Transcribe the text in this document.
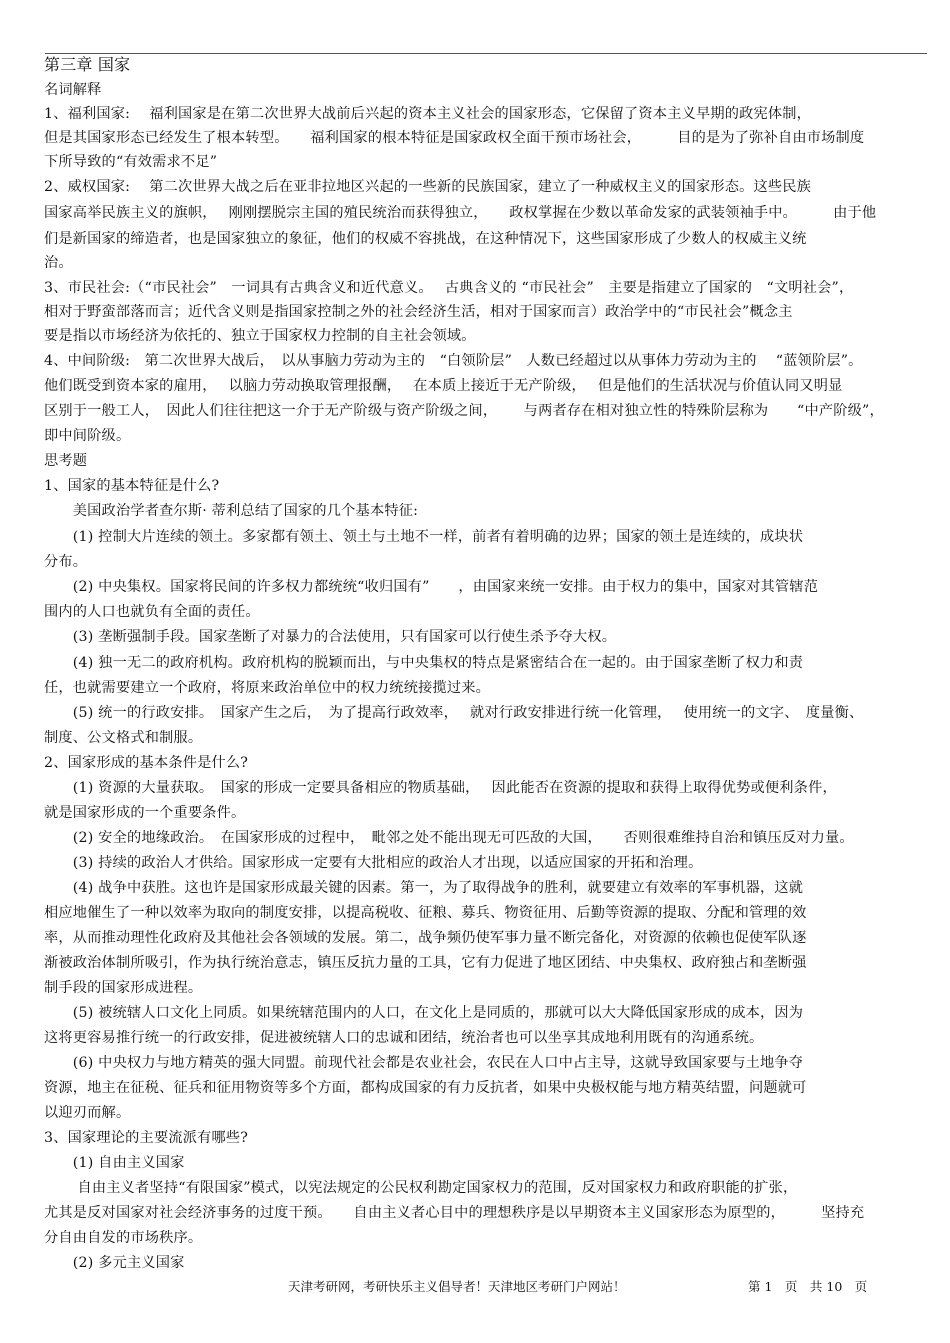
第三章 国家
名词解释
1、福利国家:　 福利国家是在第二次世界大战前后兴起的资本主义社会的国家形态，它保留了资本主义早期的政宪体制，
但是其国家形态已经发生了根本转型。　　福利国家的根本特征是国家政权全面干预市场社会，　　　目的是为了弥补自由市场制度
下所导致的“有效需求不足”
2、威权国家:　 第二次世界大战之后在亚非拉地区兴起的一些新的民族国家，建立了一种威权主义的国家形态。这些民族
国家高举民族主义的旗帜，　 刚刚摆脱宗主国的殖民统治而获得独立，　　政权掌握在少数以革命发家的武装领袖手中。　　　由于他
们是新国家的缔造者，也是国家独立的象征，他们的权威不容挑战，在这种情况下，这些国家形成了少数人的权威主义统
治。
3、市民社会:（“市民社会”　一词具有古典含义和近代意义。　 古典含义的 “市民社会”　主要是指建立了国家的　“文明社会”，
相对于野蛮部落而言；近代含义则是指国家控制之外的社会经济生活，相对于国家而言）政治学中的“市民社会”概念主
要是指以市场经济为依托的、独立于国家权力控制的自主社会领域。
4、中间阶级:　第二次世界大战后，　以从事脑力劳动为主的　“白领阶层”　人数已经超过以从事体力劳动为主的　 “蓝领阶层”。
他们既受到资本家的雇用，　 以脑力劳动换取管理报酬，　 在本质上接近于无产阶级，　 但是他们的生活状况与价值认同又明显
区别于一般工人，　因此人们往往把这一介于无产阶级与资产阶级之间，　　 与两者存在相对独立性的特殊阶层称为　　“中产阶级”，
即中间阶级。
思考题
1、国家的基本特征是什么?
　　美国政治学者查尔斯· 蒂利总结了国家的几个基本特征:
　　(1) 控制大片连续的领土。多家都有领土、领土与土地不一样，前者有着明确的边界；国家的领土是连续的，成块状
分布。
　　(2) 中央集权。国家将民间的许多权力都统统“收归国有”　　，由国家来统一安排。由于权力的集中，国家对其管辖范
围内的人口也就负有全面的责任。
　　(3) 垄断强制手段。国家垄断了对暴力的合法使用，只有国家可以行使生杀予夺大权。
　　(4) 独一无二的政府机构。政府机构的脱颖而出，与中央集权的特点是紧密结合在一起的。由于国家垄断了权力和责
任，也就需要建立一个政府，将原来政治单位中的权力统统接揽过来。
　　(5) 统一的行政安排。　国家产生之后，　为了提高行政效率，　 就对行政安排进行统一化管理，　 使用统一的文字、　度量衡、
制度、公文格式和制服。
2、国家形成的基本条件是什么?
　　(1) 资源的大量获取。　国家的形成一定要具备相应的物质基础，　 因此能否在资源的提取和获得上取得优势或便利条件，
就是国家形成的一个重要条件。
　　(2) 安全的地缘政治。　在国家形成的过程中，　毗邻之处不能出现无可匹敌的大国，　　否则很难维持自治和镇压反对力量。
　　(3) 持续的政治人才供给。国家形成一定要有大批相应的政治人才出现，以适应国家的开拓和治理。
　　(4) 战争中获胜。这也许是国家形成最关键的因素。第一，为了取得战争的胜利，就要建立有效率的军事机器，这就
相应地催生了一种以效率为取向的制度安排，以提高税收、征粮、募兵、物资征用、后勤等资源的提取、分配和管理的效
率，从而推动理性化政府及其他社会各领域的发展。第二，战争频仍使军事力量不断完备化，对资源的依赖也促使军队逐
渐被政治体制所吸引，作为执行统治意志，镇压反抗力量的工具，它有力促进了地区团结、中央集权、政府独占和垄断强
制手段的国家形成进程。
　　(5) 被统辖人口文化上同质。如果统辖范围内的人口，在文化上是同质的，那就可以大大降低国家形成的成本，因为
这将更容易推行统一的行政安排，促进被统辖人口的忠诚和团结，统治者也可以坐享其成地利用既有的沟通系统。
　　(6) 中央权力与地方精英的强大同盟。前现代社会都是农业社会，农民在人口中占主导，这就导致国家要与土地争夺
资源，地主在征税、征兵和征用物资等多个方面，都构成国家的有力反抗者，如果中央极权能与地方精英结盟，问题就可
以迎刃而解。
3、国家理论的主要流派有哪些?
　　(1) 自由主义国家
　　 自由主义者坚持“有限国家”模式，以宪法规定的公民权利勘定国家权力的范围，反对国家权力和政府职能的扩张，
尤其是反对国家对社会经济事务的过度干预。　　自由主义者心目中的理想秩序是以早期资本主义国家形态为原型的，　　　坚持充
分自由自发的市场秩序。
　　(2) 多元主义国家
天津考研网，考研快乐主义倡导者！天津地区考研门户网站！	第 1　页　共 10　页
